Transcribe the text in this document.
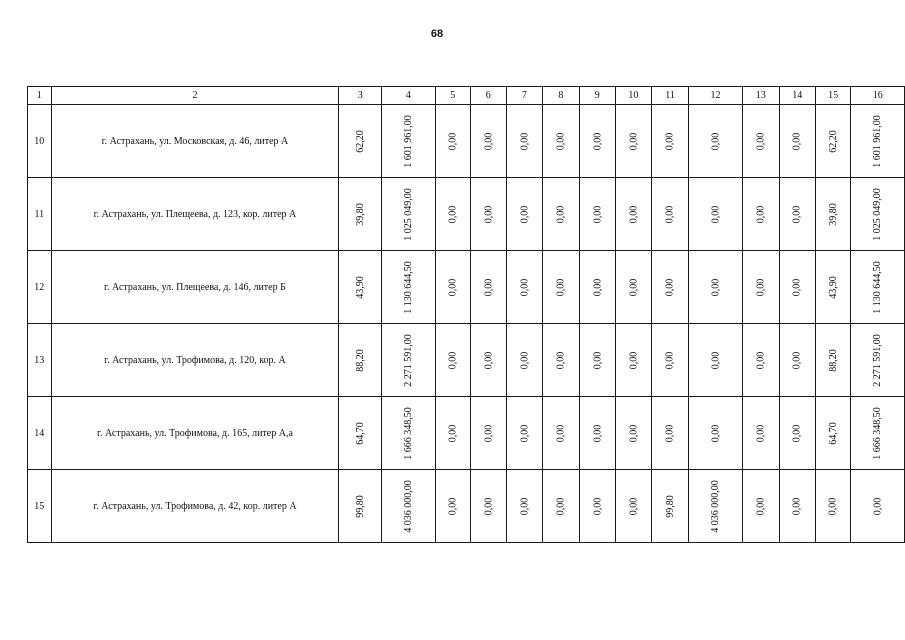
68
1	2	3	4	5	6	7	8	9	10	11	12	13	14	15	16
10	г. Астрахань, ул. Московская, д. 46, литер А	62,20	1 601 961,00	0,00	0,00	0,00	0,00	0,00	0,00	0,00	0,00	0,00	0,00	62,20	1 601 961,00
11	г. Астрахань, ул. Плещеева, д. 123, кор. литер А	39,80	1 025 049,00	0,00	0,00	0,00	0,00	0,00	0,00	0,00	0,00	0,00	0,00	39,80	1 025 049,00
12	г. Астрахань, ул. Плещеева, д. 146, литер Б	43,90	1 130 644,50	0,00	0,00	0,00	0,00	0,00	0,00	0,00	0,00	0,00	0,00	43,90	1 130 644,50
13	г. Астрахань, ул. Трофимова, д. 120, кор. А	88,20	2 271 591,00	0,00	0,00	0,00	0,00	0,00	0,00	0,00	0,00	0,00	0,00	88,20	2 271 591,00
14	г. Астрахань, ул. Трофимова, д. 165, литер А,а	64,70	1 666 348,50	0,00	0,00	0,00	0,00	0,00	0,00	0,00	0,00	0,00	0,00	64,70	1 666 348,50
15	г. Астрахань, ул. Трофимова, д. 42, кор. литер А	99,80	4 036 000,00	0,00	0,00	0,00	0,00	0,00	0,00	99,80	4 036 000,00	0,00	0,00	0,00	0,00
